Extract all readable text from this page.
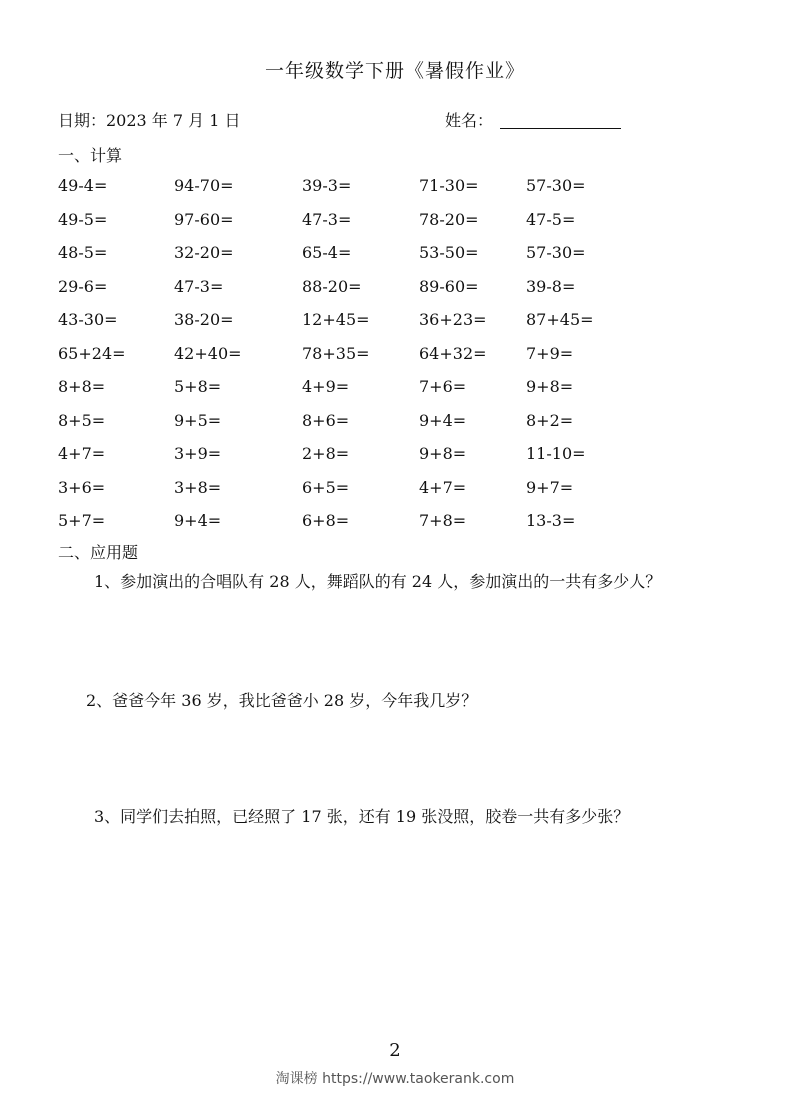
一年级数学下册《暑假作业》
日期：2023 年 7 月 1 日	姓名：
一、计算
49-4=	94-70=	39-3=	71-30=	57-30=
49-5=	97-60=	47-3=	78-20=	47-5=
48-5=	32-20=	65-4=	53-50=	57-30=
29-6=	47-3=	88-20=	89-60=	39-8=
43-30=	38-20=	12+45=	36+23= 87+45=
65+24=	42+40=	78+35=	64+32= 7+9=
8+8=	5+8=	4+9=	7+6=	9+8=
8+5=	9+5=	8+6=	9+4=	8+2=
4+7=	3+9=	2+8=	9+8=	11-10=
3+6=	3+8=	6+5=	4+7=	9+7=
5+7=	9+4=	6+8=	7+8=	13-3=
二、应用题
1、参加演出的合唱队有 28 人，舞蹈队的有 24 人，参加演出的一共有多少人？
2、爸爸今年 36 岁，我比爸爸小 28 岁，今年我几岁？
3、同学们去拍照，已经照了 17 张，还有 19 张没照，胶卷一共有多少张？
2
淘课榜 https://www.taokerank.com
